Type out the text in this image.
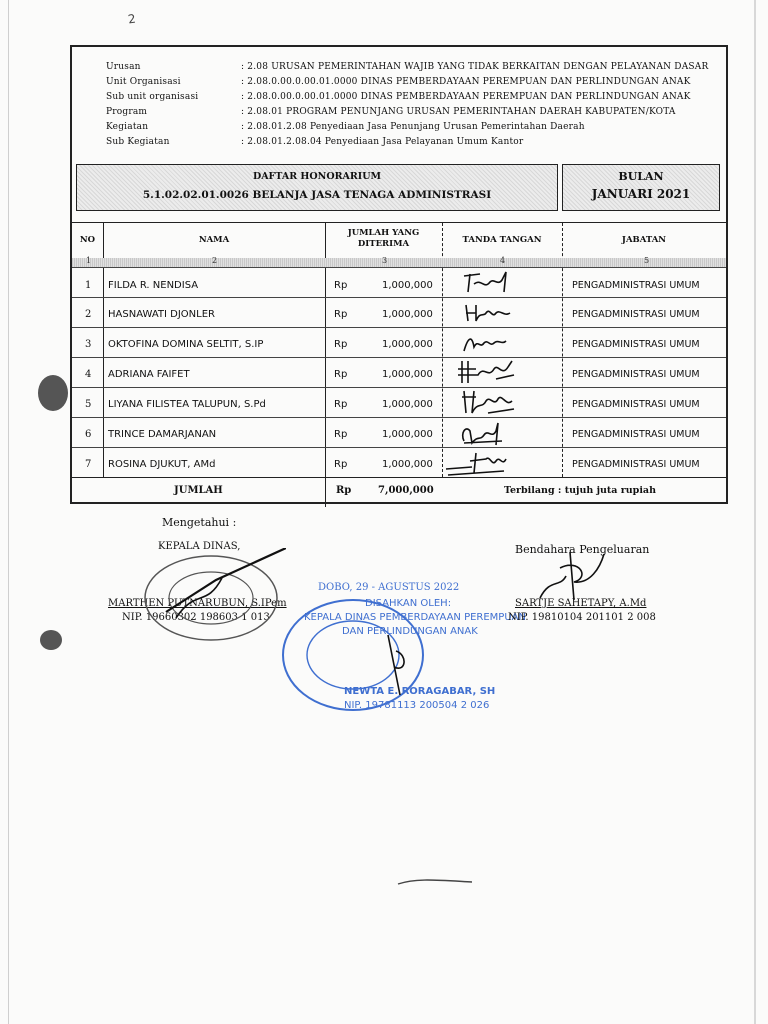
2
Urusan	: 2.08 URUSAN PEMERINTAHAN WAJIB YANG TIDAK BERKAITAN DENGAN PELAYANAN DASAR
Unit Organisasi	: 2.08.0.00.0.00.01.0000 DINAS PEMBERDAYAAN PEREMPUAN DAN PERLINDUNGAN ANAK
Sub unit organisasi	: 2.08.0.00.0.00.01.0000 DINAS PEMBERDAYAAN PEREMPUAN DAN PERLINDUNGAN ANAK
Program	: 2.08.01 PROGRAM PENUNJANG URUSAN PEMERINTAHAN DAERAH KABUPATEN/KOTA
Kegiatan	: 2.08.01.2.08 Penyediaan Jasa Penunjang Urusan Pemerintahan Daerah
Sub Kegiatan	: 2.08.01.2.08.04 Penyediaan Jasa Pelayanan Umum Kantor
DAFTAR HONORARIUM
5.1.02.02.01.0026 BELANJA JASA TENAGA ADMINISTRASI
BULAN
JANUARI 2021
NO	NAMA
JUMLAH YANG
DITERIMA	TANDA TANGAN	JABATAN
1	2	3	4	5
1 FILDA R. NENDISA	Rp	1,000,000	PENGADMINISTRASI UMUM
2 HASNAWATI DJONLER	Rp	1,000,000	PENGADMINISTRASI UMUM
3 OKTOFINA DOMINA SELTIT, S.IP	Rp	1,000,000	PENGADMINISTRASI UMUM
4 ADRIANA FAIFET	Rp	1,000,000	PENGADMINISTRASI UMUM
5 LIYANA FILISTEA TALUPUN, S.Pd	Rp	1,000,000	PENGADMINISTRASI UMUM
6 TRINCE DAMARJANAN	Rp	1,000,000	PENGADMINISTRASI UMUM
7 ROSINA DJUKUT, AMd	Rp	1,000,000	PENGADMINISTRASI UMUM
JUMLAH	Rp	7,000,000	Terbilang : tujuh juta rupiah
Mengetahui :
KEPALA DINAS,
MARTHEN PUTNARUBUN, S.IPem
NIP. 19660302 198603 1 013
DOBO, 29 - AGUSTUS 2022
DISAHKAN OLEH:
KEPALA DINAS PEMBERDAYAAN PEREMPUAN
DAN PERLINDUNGAN ANAK
NEWTA E. RORAGABAR, SH
NIP. 19781113 200504 2 026
Bendahara Pengeluaran
SARTJE SAHETAPY, A.Md
NIP. 19810104 201101 2 008
